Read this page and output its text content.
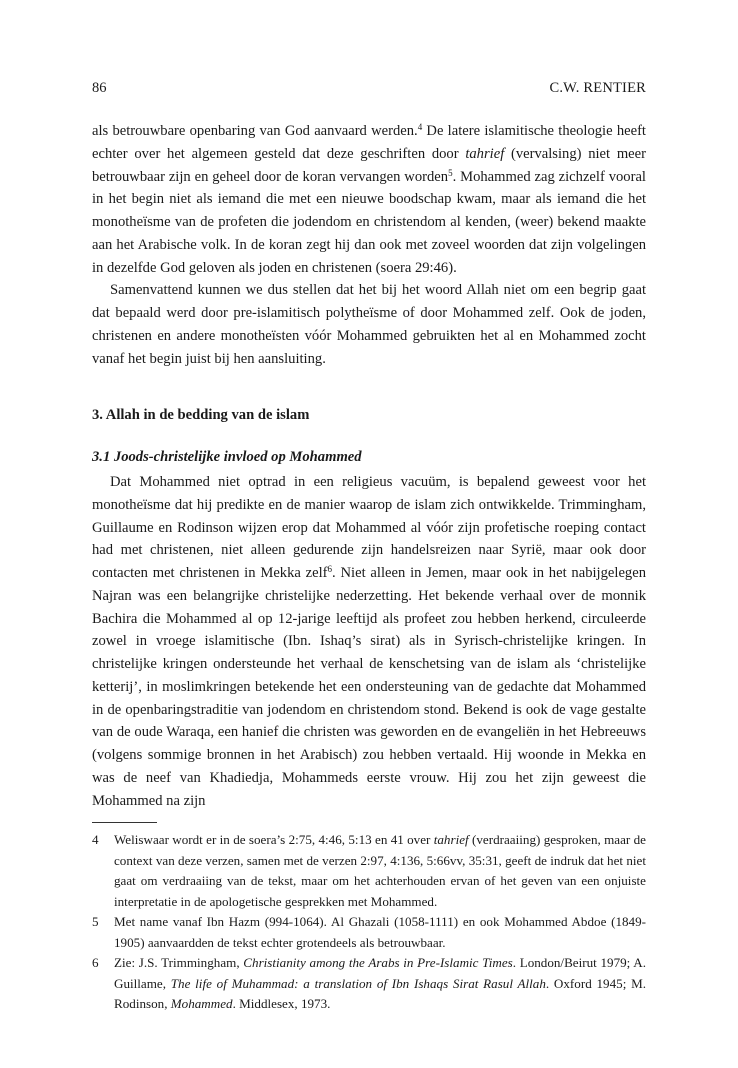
86	C.W. RENTIER

als betrouwbare openbaring van God aanvaard werden.$^4$ De latere islamitische theologie heeft echter over het algemeen gesteld dat deze geschriften door tahrief (vervalsing) niet meer betrouwbaar zijn en geheel door de koran vervangen worden$^5$. Mohammed zag zichzelf vooral in het begin niet als iemand die met een nieuwe boodschap kwam, maar als iemand die het monotheïsme van de profeten die jodendom en christendom al kenden, (weer) bekend maakte aan het Arabische volk. In de koran zegt hij dan ook met zoveel woorden dat zijn volgelingen in dezelfde God geloven als joden en christenen (soera 29:46).

Samenvattend kunnen we dus stellen dat het bij het woord Allah niet om een begrip gaat dat bepaald werd door pre-islamitisch polytheïsme of door Mohammed zelf. Ook de joden, christenen en andere monotheïsten vóór Mohammed gebruikten het al en Mohammed zocht vanaf het begin juist bij hen aansluiting.

3. Allah in de bedding van de islam
3.1 Joods-christelijke invloed op Mohammed

Dat Mohammed niet optrad in een religieus vacuüm, is bepalend geweest voor het monotheïsme dat hij predikte en de manier waarop de islam zich ontwikkelde. Trimmingham, Guillaume en Rodinson wijzen erop dat Mohammed al vóór zijn profetische roeping contact had met christenen, niet alleen gedurende zijn handelsreizen naar Syrië, maar ook door contacten met christenen in Mekka zelf$^6$. Niet alleen in Jemen, maar ook in het nabijgelegen Najran was een belangrijke christelijke nederzetting. Het bekende verhaal over de monnik Bachira die Mohammed al op 12-jarige leeftijd als profeet zou hebben herkend, circuleerde zowel in vroege islamitische (Ibn. Ishaq’s sirat) als in Syrisch-christelijke kringen. In christelijke kringen ondersteunde het verhaal de kenschetsing van de islam als ‘christelijke ketterij’, in moslimkringen betekende het een ondersteuning van de gedachte dat Mohammed in de openbaringstraditie van jodendom en christendom stond. Bekend is ook de vage gestalte van de oude Waraqa, een hanief die christen was geworden en de evangeliën in het Hebreeuws (volgens sommige bronnen in het Arabisch) zou hebben vertaald. Hij woonde in Mekka en was de neef van Khadiedja, Mohammeds eerste vrouw. Hij zou het zijn geweest die Mohammed na zijn

4	Weliswaar wordt er in de soera’s 2:75, 4:46, 5:13 en 41 over tahrief (verdraaiing) gesproken, maar de context van deze verzen, samen met de verzen 2:97, 4:136, 5:66vv, 35:31, geeft de indruk dat het niet gaat om verdraaiing van de tekst, maar om het achterhouden ervan of het geven van een onjuiste interpretatie in de apologetische gesprekken met Mohammed.
5	Met name vanaf Ibn Hazm (994-1064). Al Ghazali (1058-1111) en ook Mohammed Abdoe (1849-1905) aanvaardden de tekst echter grotendeels als betrouwbaar.
6	Zie: J.S. Trimmingham, Christianity among the Arabs in Pre-Islamic Times. London/Beirut 1979; A. Guillame, The life of Muhammad: a translation of Ibn Ishaqs Sirat Rasul Allah. Oxford 1945; M. Rodinson, Mohammed. Middlesex, 1973.
